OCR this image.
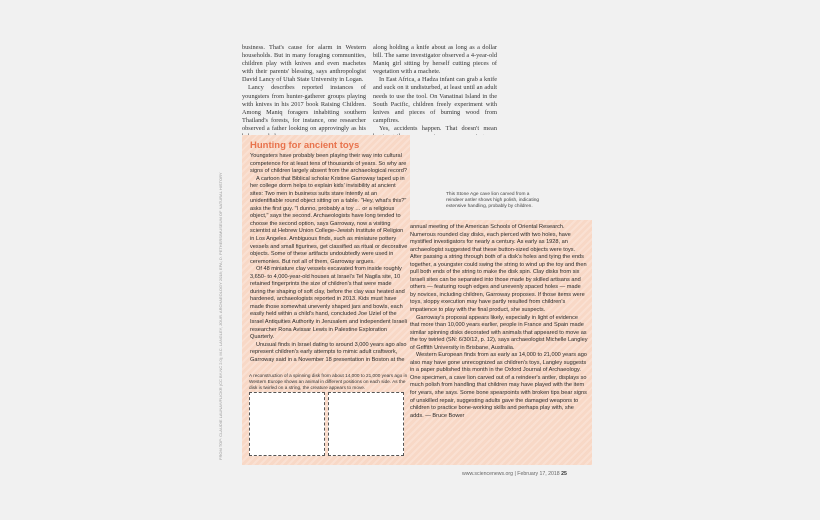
business. That's cause for alarm in Western households. But in many foraging communities, children play with knives and even machetes with their parents' blessing, says anthropologist David Lancy of Utah State University in Logan.

Lancy describes reported instances of youngsters from hunter-gatherer groups playing with knives in his 2017 book Raising Children. Among Maniq foragers inhabiting southern Thailand's forests, for instance, one researcher observed a father looking on approvingly as his

along holding a knife about as long as a dollar bill. The same investigator observed a 4-year-old Maniq girl sitting by herself cutting pieces of vegetation with a machete.

In East Africa, a Hadza infant can grab a knife and suck on it undisturbed, at least until an adult needs to use the tool. On Vanatinai Island in the South Pacific, children freely experiment with knives and pieces of burning wood from campfires.

Yes, accidents happen. That doesn't mean

Hunting for ancient toys

Youngsters have probably been playing their way into cultural competence for at least tens of thousands of years. So why are signs of children largely absent from the archaeological record?

A cartoon that Biblical scholar Kristine Garroway taped up in her college dorm helps to explain kids' invisibility at ancient sites: Two men in business suits stare intently at an unidentifiable round object sitting on a table. "Hey, what's this?" asks the first guy. "I dunno, probably a toy … or a religious object," says the second. Archaeologists have long tended to choose the second option, says Garroway, now a visiting scientist at Hebrew Union College–Jewish Institute of Religion in Los Angeles. Ambiguous finds, such as miniature pottery vessels and small figurines, get classified as ritual or decorative objects. Some of these artifacts undoubtedly were used in ceremonies. But not all of them, Garroway argues.

Of 48 miniature clay vessels excavated from inside roughly 3,650- to 4,000-year-old houses at Israel's Tel Nagila site, 10 retained fingerprints the size of children's that were made during the shaping of soft clay, before the clay was heated and hardened, archaeologists reported in 2013. Kids must have made those somewhat unevenly shaped jars and bowls, each easily held within a child's hand, concluded Joe Uziel of the Israel Antiquities Authority in Jerusalem and independent Israeli researcher Rona Avissar Lewis in Palestine Exploration Quarterly.

Unusual finds in Israel dating to around 3,000 years ago also represent children's early attempts to mimic adult craftwork, Garroway said in a November 18 presentation in Boston at the

annual meeting of the American Schools of Oriental Research. Numerous rounded clay disks, each pierced with two holes, have mystified investigators for nearly a century. As early as 1928, an archaeologist suggested that these button-sized objects were toys. After passing a string through both of a disk's holes and tying the ends together, a youngster could swing the string to wind up the toy and then pull both ends of the string to make the disk spin. Clay disks from six Israeli sites can be separated into those made by skilled artisans and others — featuring rough edges and unevenly spaced holes — made by novices, including children, Garroway proposes. If those items were toys, sloppy execution may have partly resulted from children's impatience to play with the final product, she suspects.

Garroway's proposal appears likely, especially in light of evidence that more than 10,000 years earlier, people in France and Spain made similar spinning disks decorated with animals that appeared to move as the toy twirled (SN: 6/30/12, p. 12), says archaeologist Michelle Langley of Griffith University in Brisbane, Australia.

Western European finds from as early as 14,000 to 21,000 years ago also may have gone unrecognized as children's toys, Langley suggests in a paper published this month in the Oxford Journal of Archaeology. One specimen, a cave lion carved out of a reindeer's antler, displays so much polish from handling that children may have played with the item for years, she says. Some bone spearpoints with broken tips bear signs of unskilled repair, suggesting adults gave the damaged weapons to children to practice bone-working skills and perhaps play with, she adds. — Bruce Bower

This Stone Age cave lion carved from a reindeer antler shows high polish, indicating extensive handling, probably by children.
A reconstruction of a spinning disk from about 14,000 to 21,000 years ago in Western Europe shows an animal in different positions on each side. As the disk is twirled on a string, the creature appears to move.
FROM TOP: CLAUDIE LAUNAY/FLICKR (CC BY-NC 2.0); M.C. LANGLEY, JOUR. ARCHAEOLOGY 2018; EPA; D. PETHERS/MUSEUM OF NATURAL HISTORY
www.sciencenews.org | February 17, 2018 25
